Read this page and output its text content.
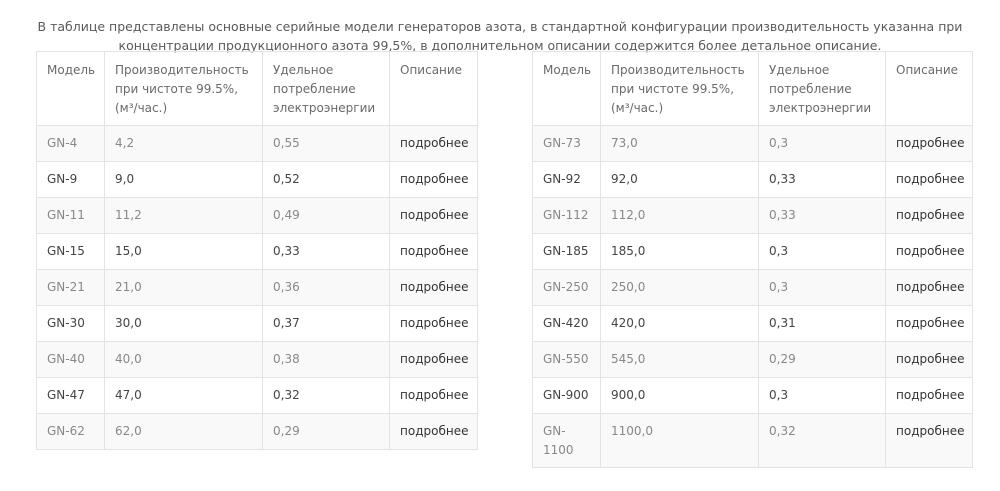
В таблице представлены основные серийные модели генераторов азота, в стандартной конфигурации производительность указанна при концентрации продукционного азота 99,5%, в дополнительном описании содержится более детальное описание.

Модель	Производительность при чистоте 99.5%, (м³/час.)	Удельное потребление электроэнергии	Описание
GN-4	4,2	0,55	подробнее
GN-9	9,0	0,52	подробнее
GN-11	11,2	0,49	подробнее
GN-15	15,0	0,33	подробнее
GN-21	21,0	0,36	подробнее
GN-30	30,0	0,37	подробнее
GN-40	40,0	0,38	подробнее
GN-47	47,0	0,32	подробнее
GN-62	62,0	0,29	подробнее
Модель	Производительность при чистоте 99.5%, (м³/час.)	Удельное потребление электроэнергии	Описание
GN-73	73,0	0,3	подробнее
GN-92	92,0	0,33	подробнее
GN-112	112,0	0,33	подробнее
GN-185	185,0	0,3	подробнее
GN-250	250,0	0,3	подробнее
GN-420	420,0	0,31	подробнее
GN-550	545,0	0,29	подробнее
GN-900	900,0	0,3	подробнее
GN-1100	1100,0	0,32	подробнее
